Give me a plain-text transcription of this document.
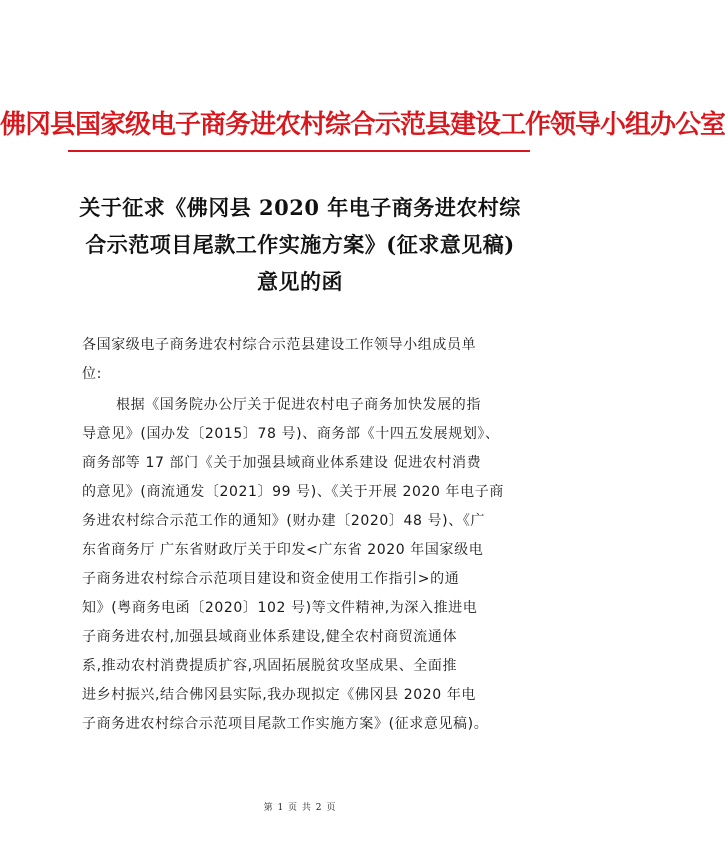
佛冈县国家级电子商务进农村综合示范县建设工作领导小组办公室
关于征求《佛冈县 2020 年电子商务进农村综
合示范项目尾款工作实施方案》(征求意见稿)
意见的函
各国家级电子商务进农村综合示范县建设工作领导小组成员单
位:
根据《国务院办公厅关于促进农村电子商务加快发展的指
导意见》(国办发〔2015〕78 号)、商务部《十四五发展规划》、
商务部等 17 部门《关于加强县域商业体系建设 促进农村消费
的意见》(商流通发〔2021〕99 号)、《关于开展 2020 年电子商
务进农村综合示范工作的通知》(财办建〔2020〕48 号)、《广
东省商务厅 广东省财政厅关于印发<广东省 2020 年国家级电
子商务进农村综合示范项目建设和资金使用工作指引>的通
知》(粤商务电函〔2020〕102 号)等文件精神,为深入推进电
子商务进农村,加强县域商业体系建设,健全农村商贸流通体
系,推动农村消费提质扩容,巩固拓展脱贫攻坚成果、全面推
进乡村振兴,结合佛冈县实际,我办现拟定《佛冈县 2020 年电
子商务进农村综合示范项目尾款工作实施方案》(征求意见稿)。
第 1 页 共 2 页
